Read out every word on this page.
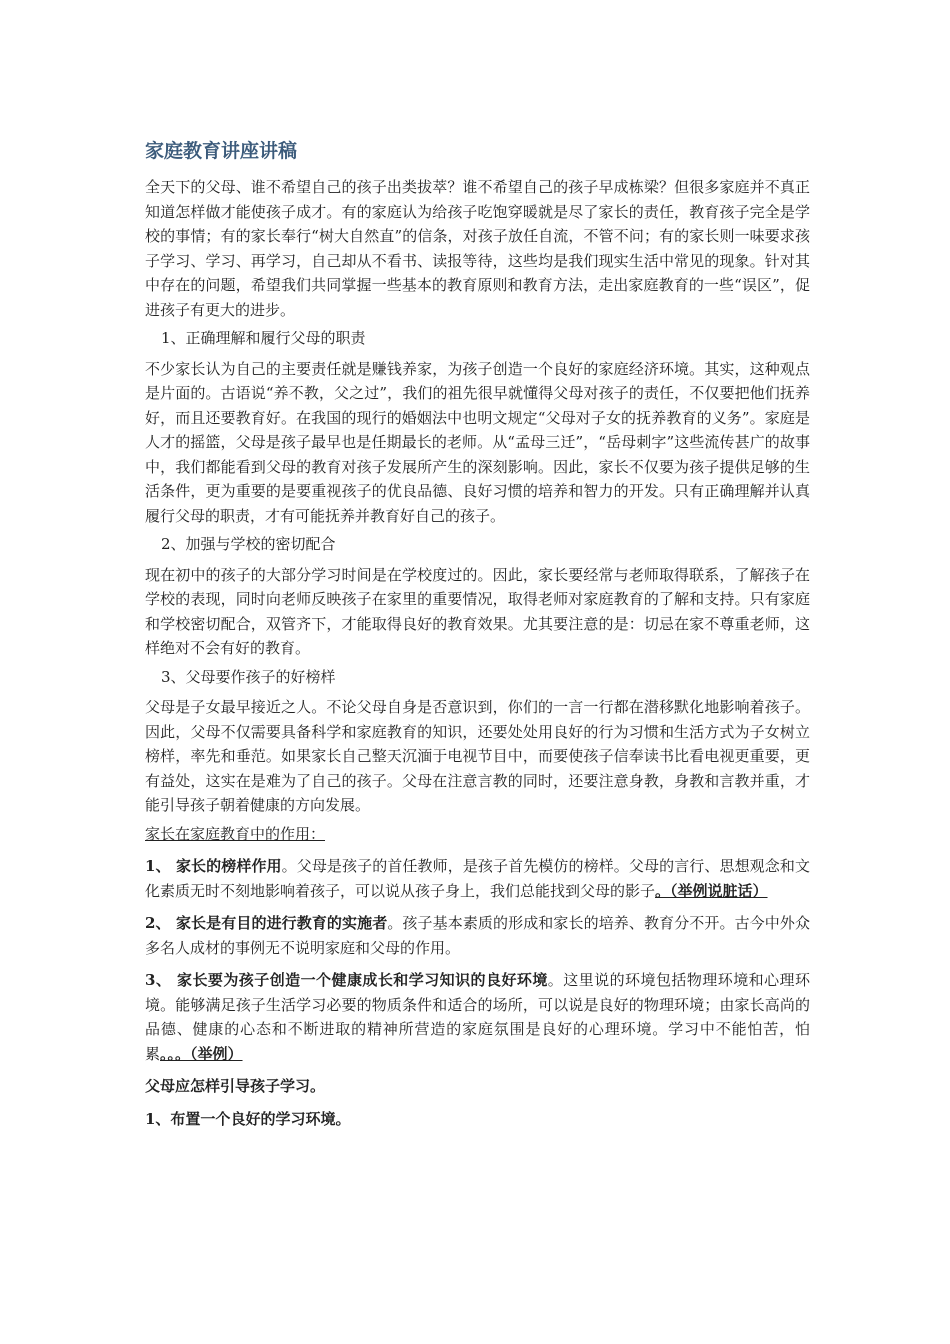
家庭教育讲座讲稿

全天下的父母、谁不希望自己的孩子出类拔萃？谁不希望自己的孩子早成栋梁？但很多家庭并不真正知道怎样做才能使孩子成才。有的家庭认为给孩子吃饱穿暖就是尽了家长的责任，教育孩子完全是学校的事情；有的家长奉行“树大自然直”的信条，对孩子放任自流，不管不问；有的家长则一味要求孩子学习、学习、再学习，自己却从不看书、读报等待，这些均是我们现实生活中常见的现象。针对其中存在的问题，希望我们共同掌握一些基本的教育原则和教育方法，走出家庭教育的一些“误区”，促进孩子有更大的进步。

1、正确理解和履行父母的职责

不少家长认为自己的主要责任就是赚钱养家，为孩子创造一个良好的家庭经济环境。其实，这种观点是片面的。古语说“养不教，父之过”，我们的祖先很早就懂得父母对孩子的责任，不仅要把他们抚养好，而且还要教育好。在我国的现行的婚姻法中也明文规定“父母对子女的抚养教育的义务”。家庭是人才的摇篮，父母是孩子最早也是任期最长的老师。从“孟母三迁”，“岳母刺字”这些流传甚广的故事中，我们都能看到父母的教育对孩子发展所产生的深刻影响。因此，家长不仅要为孩子提供足够的生活条件，更为重要的是要重视孩子的优良品德、良好习惯的培养和智力的开发。只有正确理解并认真履行父母的职责，才有可能抚养并教育好自己的孩子。

2、加强与学校的密切配合

现在初中的孩子的大部分学习时间是在学校度过的。因此，家长要经常与老师取得联系，了解孩子在学校的表现，同时向老师反映孩子在家里的重要情况，取得老师对家庭教育的了解和支持。只有家庭和学校密切配合，双管齐下，才能取得良好的教育效果。尤其要注意的是：切忌在家不尊重老师，这样绝对不会有好的教育。

3、父母要作孩子的好榜样

父母是子女最早接近之人。不论父母自身是否意识到，你们的一言一行都在潜移默化地影响着孩子。因此，父母不仅需要具备科学和家庭教育的知识，还要处处用良好的行为习惯和生活方式为子女树立榜样，率先和垂范。如果家长自己整天沉湎于电视节目中，而要使孩子信奉读书比看电视更重要，更有益处，这实在是难为了自己的孩子。父母在注意言教的同时，还要注意身教，身教和言教并重，才能引导孩子朝着健康的方向发展。

家长在家庭教育中的作用：

1、 家长的榜样作用。父母是孩子的首任教师，是孩子首先模仿的榜样。父母的言行、思想观念和文化素质无时不刻地影响着孩子，可以说从孩子身上，我们总能找到父母的影子。（举例说脏话）

2、 家长是有目的进行教育的实施者。孩子基本素质的形成和家长的培养、教育分不开。古今中外众多名人成材的事例无不说明家庭和父母的作用。

3、 家长要为孩子创造一个健康成长和学习知识的良好环境。这里说的环境包括物理环境和心理环境。能够满足孩子生活学习必要的物质条件和适合的场所，可以说是良好的物理环境；由家长高尚的品德、健康的心态和不断进取的精神所营造的家庭氛围是良好的心理环境。学习中不能怕苦，怕累。。。（举例）

父母应怎样引导孩子学习。

1、布置一个良好的学习环境。
